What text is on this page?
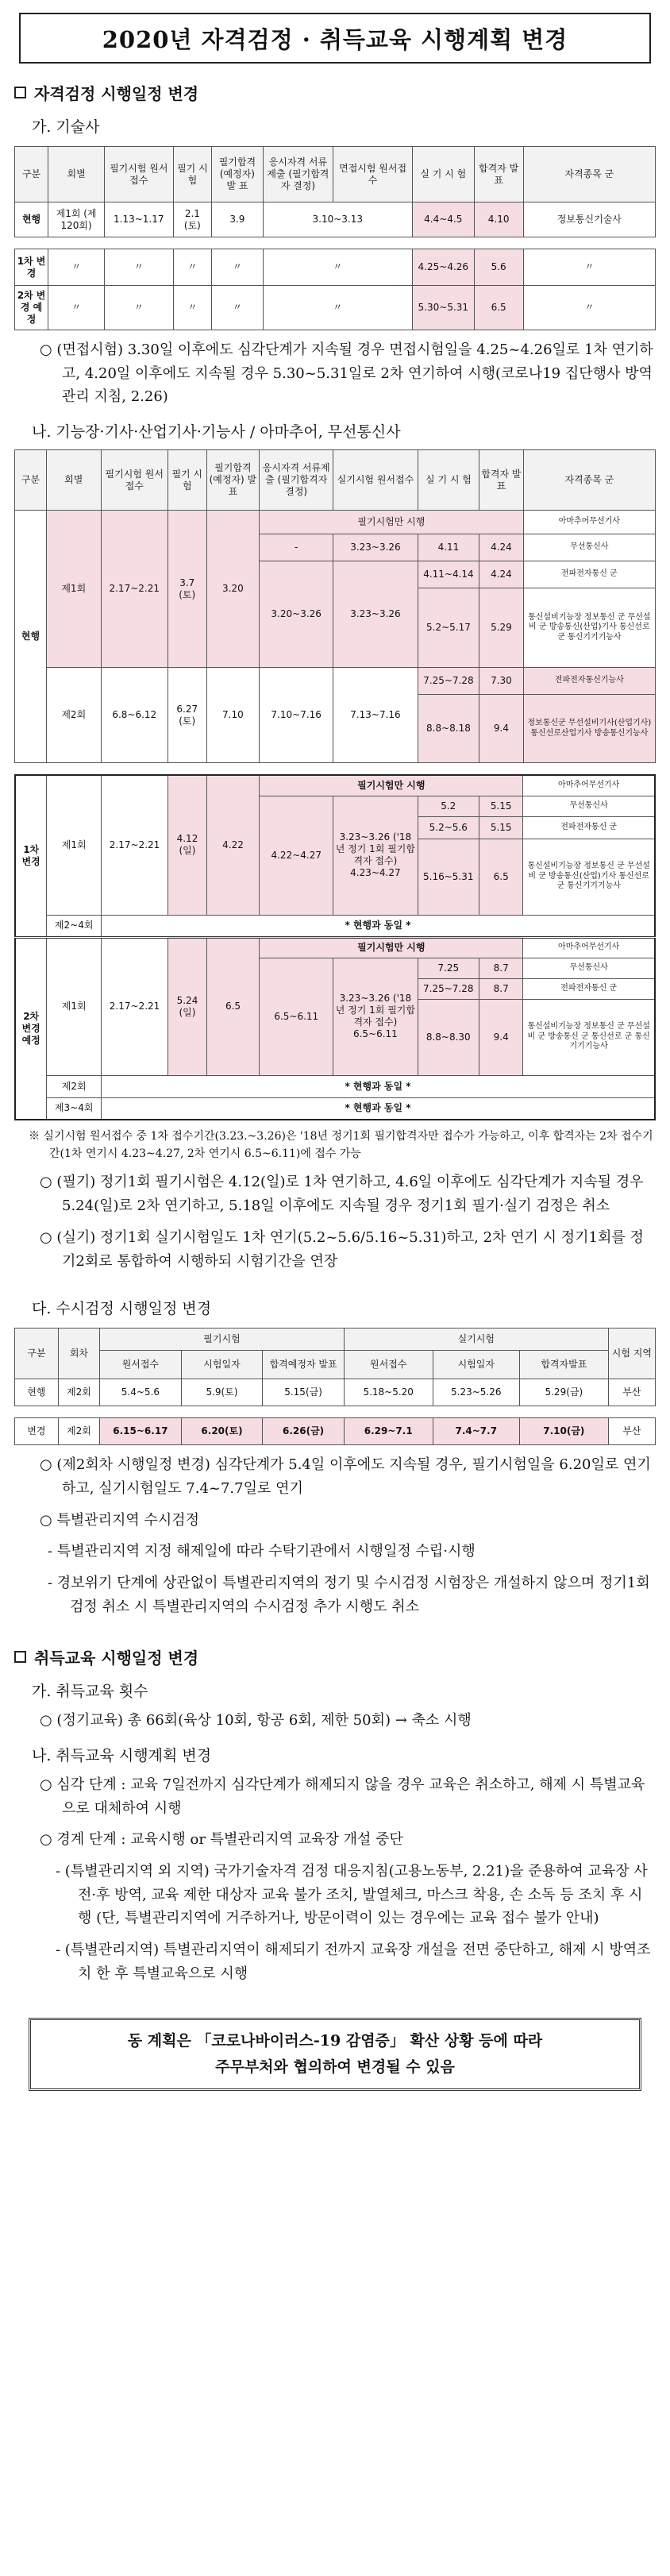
2020년 자격검정 · 취득교육 시행계획 변경
자격검정 시행일정 변경
가. 기술사
구분	회별	필기시험 원서접수	필기 시험	필기합격 (예정자) 발 표	응시자격 서류제출 (필기합격자 결정)	면접시험 원서접수	실 기 시 험	합격자 발 표	자격종목 군
현행	제1회 (제120회)	1.13~1.17	2.1 (토)	3.9	3.10~3.13		4.4~4.5	4.10	정보통신기술사
1차 변경	〃	〃	〃	〃	〃	4.25~4.26	5.6	〃
2차 변경 예정	〃	〃	〃	〃	〃	5.30~5.31	6.5	〃
○ (면접시험) 3.30일 이후에도 심각단계가 지속될 경우 면접시험일을 4.25~4.26일로 1차 연기하고, 4.20일 이후에도 지속될 경우 5.30~5.31일로 2차 연기하여 시행(코로나19 집단행사 방역관리 지침, 2.26)
나. 기능장·기사·산업기사·기능사 / 아마추어, 무선통신사
구분	회별	필기시험 원서접수	필기 시험	필기합격 (예정자) 발 표	응시자격 서류제출 (필기합격자 결정)	실기시험 원서접수	실 기 시 험	합격자 발 표	자격종목 군
현행	제1회	2.17~2.21	3.7 (토)	3.20	필기시험만 시행				아마추어무선기사
					-	3.23~3.26	4.11	4.24	무선통신사
					3.20~3.26	3.23~3.26	4.11~4.14	4.24	전파전자통신 군
							5.2~5.17	5.29	통신설비기능장 정보통신 군 무선설비 군 방송통신(산업)기사 통신선로 군 통신기기기능사
	제2회	6.8~6.12	6.27 (토)	7.10	7.10~7.16	7.13~7.16	7.25~7.28	7.30	전파전자통신기능사
							8.8~8.18	9.4	정보통신군 무선설비기사(산업기사) 통신선로산업기사 방송통신기능사
1차 변경	제1회	2.17~2.21	4.12 (일)	4.22	필기시험만 시행				아마추어무선기사
					4.22~4.27	3.23~3.26 ('18년 정기 1회 필기합격자 접수) 4.23~4.27	5.2	5.15	무선통신사
							5.2~5.6	5.15	전파전자통신 군
							5.16~5.31	6.5	통신설비기능장 정보통신 군 무선설비 군 방송통신(산업)기사 통신선로 군 통신기기기능사
	제2~4회	* 현행과 동일 *							
2차 변경 예정	제1회	2.17~2.21	5.24 (일)	6.5	필기시험만 시행				아마추어무선기사
					6.5~6.11	3.23~3.26 ('18년 정기 1회 필기합격자 접수) 6.5~6.11	7.25	8.7	무선통신사
							7.25~7.28	8.7	전파전자통신 군
							8.8~8.30	9.4	통신설비기능장 정보통신 군 무선설비 군 방송통신 군 통신선로 군 통신기기기능사
	제2회	* 현행과 동일 *							
	제3~4회	* 현행과 동일 *							
※ 실기시험 원서접수 중 1차 접수기간(3.23.~3.26)은 '18년 정기1회 필기합격자만 접수가 가능하고, 이후 합격자는 2차 접수기간(1차 연기시 4.23~4.27, 2차 연기시 6.5~6.11)에 접수 가능
○ (필기) 정기1회 필기시험은 4.12(일)로 1차 연기하고, 4.6일 이후에도 심각단계가 지속될 경우 5.24(일)로 2차 연기하고, 5.18일 이후에도 지속될 경우 정기1회 필기·실기 검정은 취소
○ (실기) 정기1회 실기시험일도 1차 연기(5.2~5.6/5.16~5.31)하고, 2차 연기 시 정기1회를 정기2회로 통합하여 시행하되 시험기간을 연장
다. 수시검정 시행일정 변경
구분	회차	필기시험			실기시험			시험 지역
		원서접수	시험일자	합격예정자 발표	원서접수	시험일자	합격자발표	
현행	제2회	5.4~5.6	5.9(토)	5.15(금)	5.18~5.20	5.23~5.26	5.29(금)	부산
변경	제2회	6.15~6.17	6.20(토)	6.26(금)	6.29~7.1	7.4~7.7	7.10(금)	부산
○ (제2회차 시행일정 변경) 심각단계가 5.4일 이후에도 지속될 경우, 필기시험일을 6.20일로 연기하고, 실기시험일도 7.4~7.7일로 연기
○ 특별관리지역 수시검정
- 특별관리지역 지정 해제일에 따라 수탁기관에서 시행일정 수립·시행
- 경보위기 단계에 상관없이 특별관리지역의 정기 및 수시검정 시험장은 개설하지 않으며 정기1회 검정 취소 시 특별관리지역의 수시검정 추가 시행도 취소
취득교육 시행일정 변경
가. 취득교육 횟수
○ (정기교육) 총 66회(육상 10회, 항공 6회, 제한 50회) → 축소 시행
나. 취득교육 시행계획 변경
○ 심각 단계 : 교육 7일전까지 심각단계가 해제되지 않을 경우 교육은 취소하고, 해제 시 특별교육으로 대체하여 시행
○ 경계 단계 : 교육시행 or 특별관리지역 교육장 개설 중단
- (특별관리지역 외 지역) 국가기술자격 검정 대응지침(고용노동부, 2.21)을 준용하여 교육장 사전·후 방역, 교육 제한 대상자 교육 불가 조치, 발열체크, 마스크 착용, 손 소독 등 조치 후 시행 (단, 특별관리지역에 거주하거나, 방문이력이 있는 경우에는 교육 접수 불가 안내)
- (특별관리지역) 특별관리지역이 해제되기 전까지 교육장 개설을 전면 중단하고, 해제 시 방역조치 한 후 특별교육으로 시행
동 계획은 「코로나바이러스-19 감염증」 확산 상황 등에 따라
주무부처와 협의하여 변경될 수 있음
